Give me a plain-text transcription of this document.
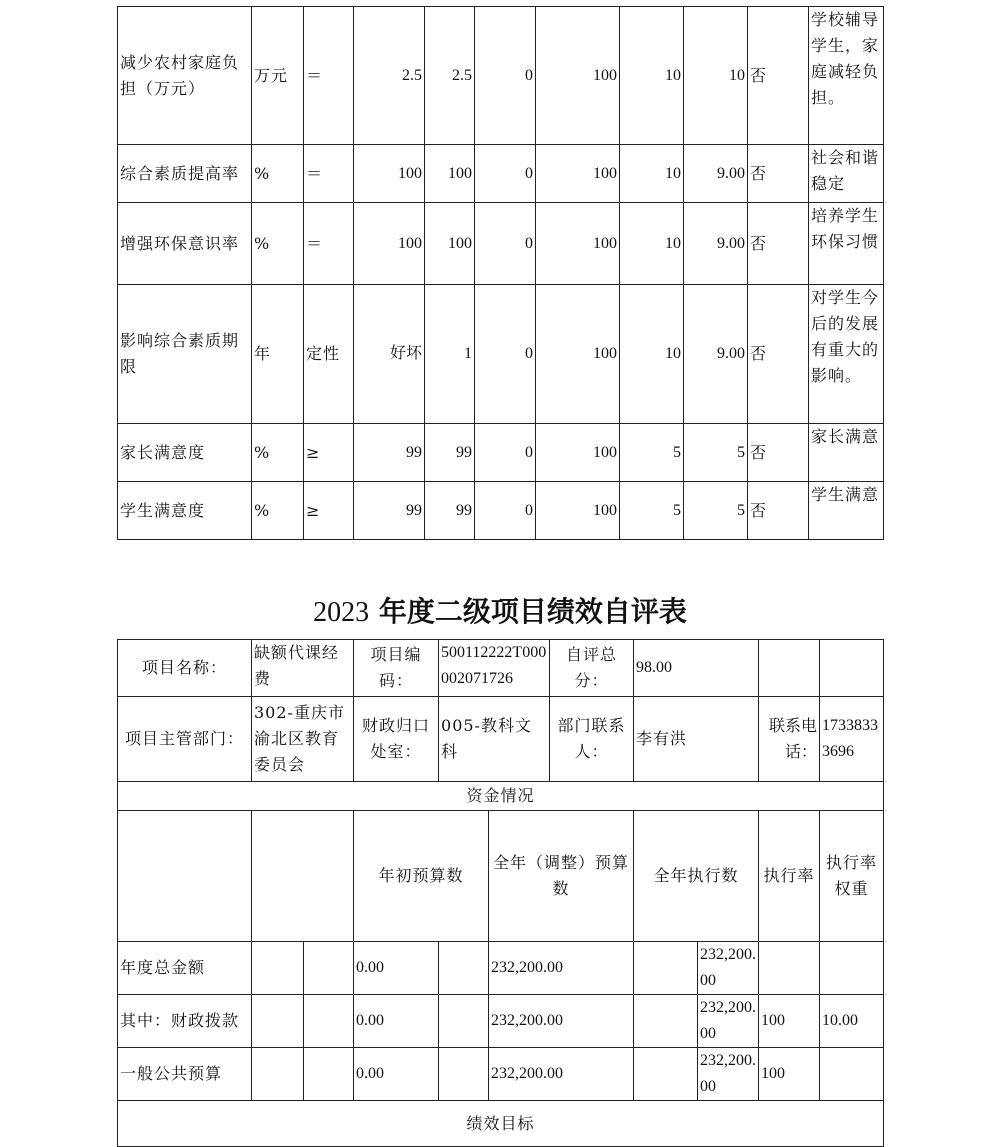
减少农村家庭负担（万元）	万元	＝	2.5	2.5	0	100	10	10	否	学校辅导学生，家庭减轻负担。
综合素质提高率	%	＝	100	100	0	100	10	9.00	否	社会和谐稳定
增强环保意识率	%	＝	100	100	0	100	10	9.00	否	培养学生环保习惯
影响综合素质期限	年	定性	好坏	1	0	100	10	9.00	否	对学生今后的发展有重大的影响。
家长满意度	%	≥	99	99	0	100	5	5	否	家长满意
学生满意度	%	≥	99	99	0	100	5	5	否	学生满意
2023 年度二级项目绩效自评表
项目名称：	缺额代课经费		项目编码：	500112222T000002071726		自评总分：	98.00				
项目主管部门：	302-重庆市渝北区教育委员会		财政归口处室：	005-教科文科		部门联系人：	李有洪		联系电话：	17338333696	
资金情况											
			年初预算数		全年（调整）预算数		全年执行数		执行率	执行率权重	
年度总金额			0.00		232,200.00			232,200.00			
其中：财政拨款			0.00		232,200.00			232,200.00	100	10.00	
一般公共预算			0.00		232,200.00			232,200.00	100		
绩效目标											
